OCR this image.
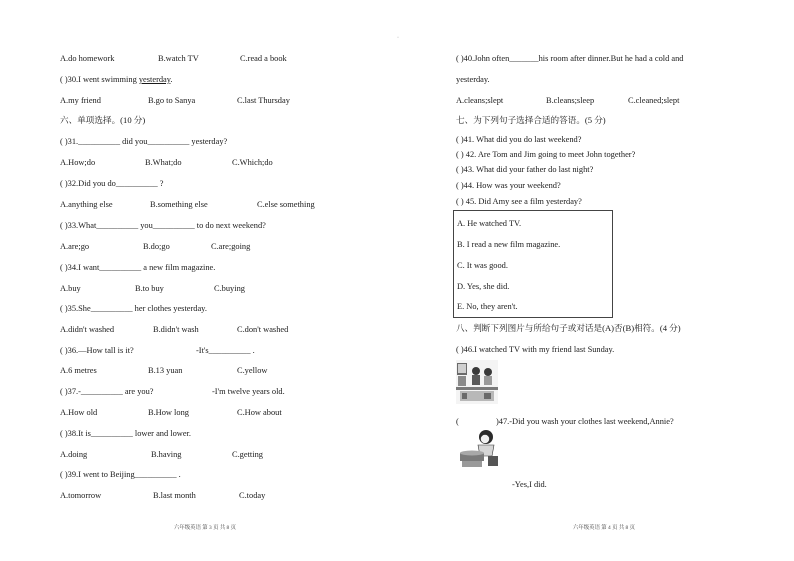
A.do homework	B.watch TV	C.read a book
( )30.I went swimming yesterday.
A.my friend	B.go to Sanya	C.last Thursday
六、单项选择。(10 分)
( )31.__________ did you__________ yesterday?
A.How;do	B.What;do	C.Which;do
( )32.Did you do__________ ?
A.anything else	B.something else	C.else something
( )33.What__________ you__________ to do next weekend?
A.are;go	B.do;go	C.are;going
( )34.I want__________ a new film magazine.
A.buy	B.to buy	C.buying
( )35.She__________ her clothes yesterday.
A.didn't washed	B.didn't wash	C.don't washed
( )36.—How tall is it?	-It's__________ .
A.6 metres	B.13 yuan	C.yellow
( )37.-__________ are you?	-I'm twelve years old.
A.How old	B.How long	C.How about
( )38.It is__________ lower and lower.
A.doing	B.having	C.getting
( )39.I went to Beijing__________ .
A.tomorrow	B.last month	C.today
六年级英语 第 3 页 共 8 页
·
( )40.John often_______his room after dinner.But he had a cold and
yesterday.
A.cleans;slept	B.cleans;sleep	C.cleaned;slept
七、为下列句子选择合适的答语。(5 分)
( )41. What did you do last weekend?
( ) 42. Are Tom and Jim going to meet John together?
( )43. What did your father do last night?
( )44. How was your weekend?
( ) 45. Did Amy see a film yesterday?
A. He watched TV.
B. I read a new film magazine.
C. It was good.
D. Yes, she did.
E. No, they aren't.
八、判断下列图片与所给句子或对话是(A)否(B)相符。(4 分)
( )46.I watched TV with my friend last Sunday.
(	)47.-Did you wash your clothes last weekend,Annie?
-Yes,I did.
六年级英语 第 4 页 共 8 页
